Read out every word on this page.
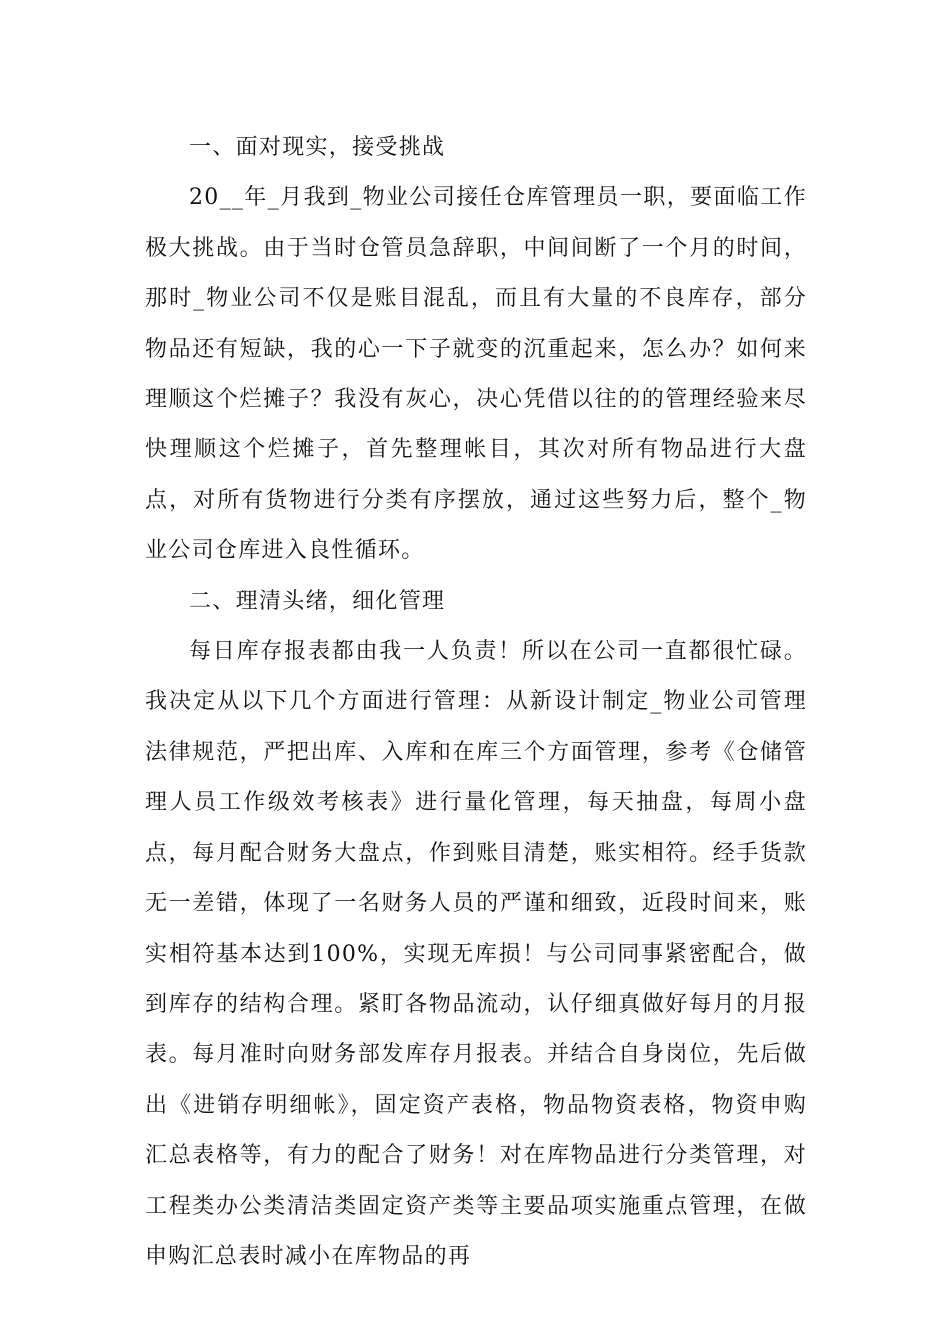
一、面对现实，接受挑战

20__年_月我到_物业公司接任仓库管理员一职，要面临工作极大挑战。由于当时仓管员急辞职，中间间断了一个月的时间，那时_物业公司不仅是账目混乱，而且有大量的不良库存，部分物品还有短缺，我的心一下子就变的沉重起来，怎么办？如何来理顺这个烂摊子？我没有灰心，决心凭借以往的的管理经验来尽快理顺这个烂摊子，首先整理帐目，其次对所有物品进行大盘点，对所有货物进行分类有序摆放，通过这些努力后，整个_物业公司仓库进入良性循环。

二、理清头绪，细化管理

每日库存报表都由我一人负责！所以在公司一直都很忙碌。我决定从以下几个方面进行管理：从新设计制定_物业公司管理法律规范，严把出库、入库和在库三个方面管理，参考《仓储管理人员工作级效考核表》进行量化管理，每天抽盘，每周小盘点，每月配合财务大盘点，作到账目清楚，账实相符。经手货款无一差错，体现了一名财务人员的严谨和细致，近段时间来，账实相符基本达到100%，实现无库损！与公司同事紧密配合，做到库存的结构合理。紧盯各物品流动，认仔细真做好每月的月报表。每月准时向财务部发库存月报表。并结合自身岗位，先后做出《进销存明细帐》，固定资产表格，物品物资表格，物资申购汇总表格等，有力的配合了财务！对在库物品进行分类管理，对工程类办公类清洁类固定资产类等主要品项实施重点管理，在做申购汇总表时减小在库物品的再
